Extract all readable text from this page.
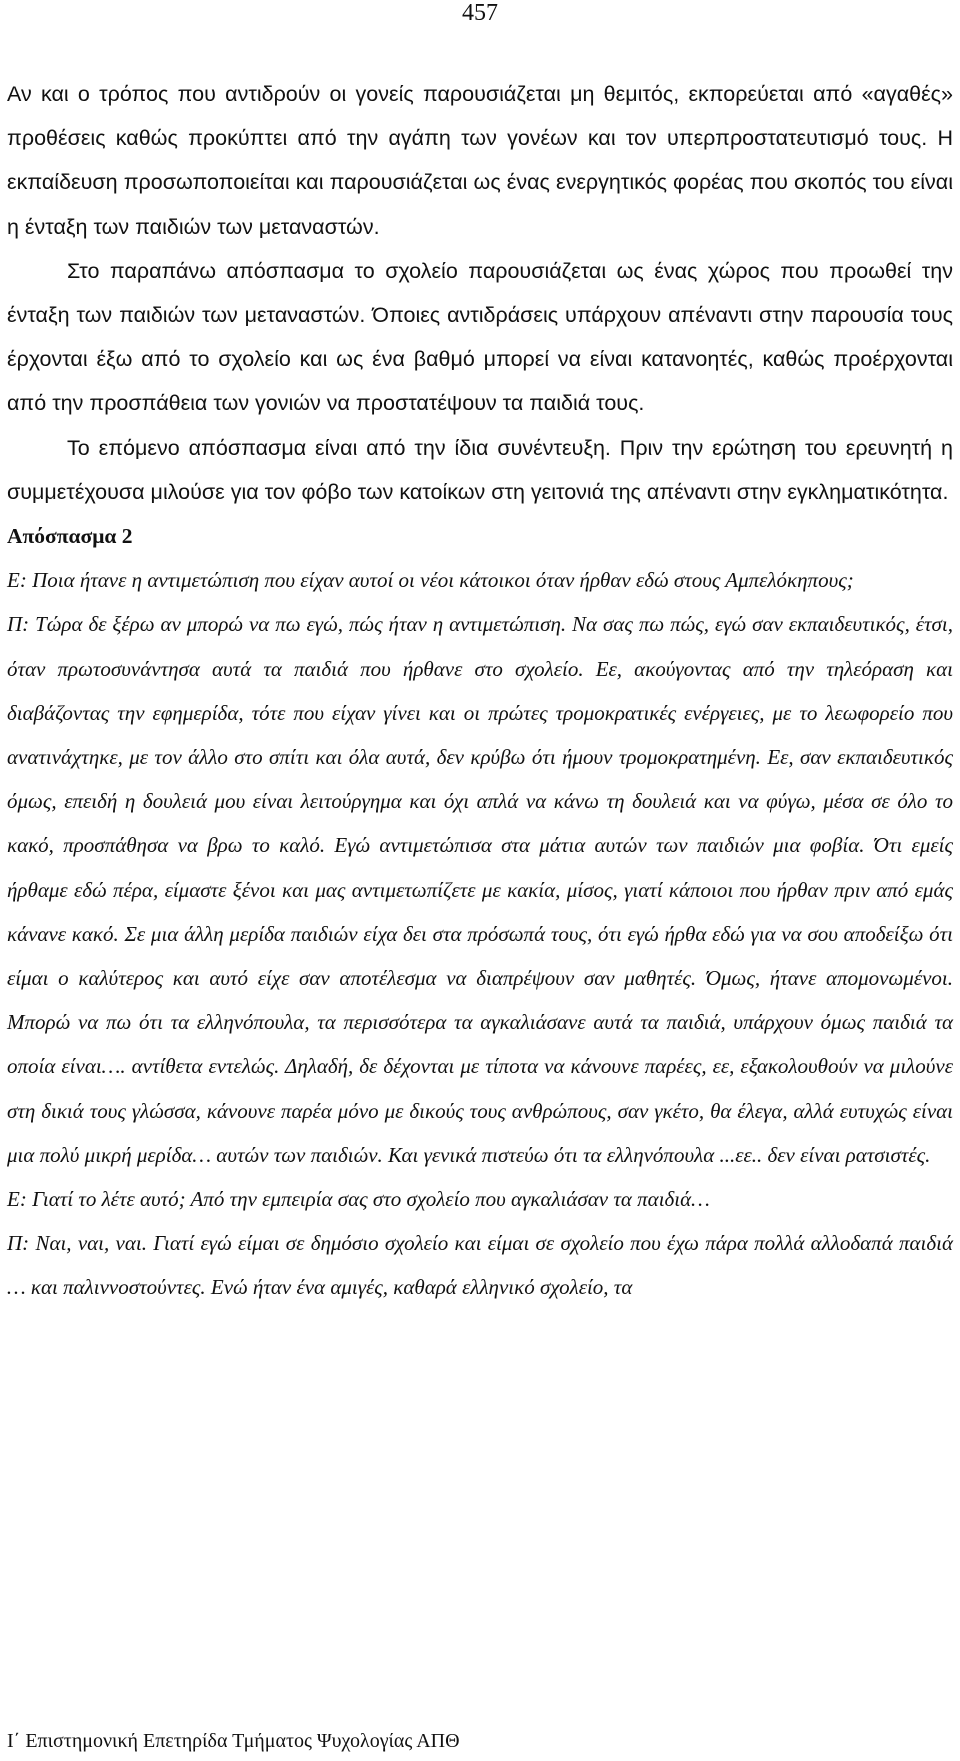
457

Αν και ο τρόπος που αντιδρούν οι γονείς παρουσιάζεται μη θεμιτός, εκπορεύεται από «αγαθές» προθέσεις καθώς προκύπτει από την αγάπη των γονέων και τον υπερπροστατευτισμό τους. Η εκπαίδευση προσωποποιείται και παρουσιάζεται ως ένας ενεργητικός φορέας που σκοπός του είναι η ένταξη των παιδιών των μεταναστών.

Στο παραπάνω απόσπασμα το σχολείο παρουσιάζεται ως ένας χώρος που προωθεί την ένταξη των παιδιών των μεταναστών. Όποιες αντιδράσεις υπάρχουν απέναντι στην παρουσία τους έρχονται έξω από το σχολείο και ως ένα βαθμό μπορεί να είναι κατανοητές, καθώς προέρχονται από την προσπάθεια των γονιών να προστατέψουν τα παιδιά τους.

Το επόμενο απόσπασμα είναι από την ίδια συνέντευξη. Πριν την ερώτηση του ερευνητή η συμμετέχουσα μιλούσε για τον φόβο των κατοίκων στη γειτονιά της απέναντι στην εγκληματικότητα.

Απόσπασμα 2

Ε: Ποια ήτανε η αντιμετώπιση που είχαν αυτοί οι νέοι κάτοικοι όταν ήρθαν εδώ στους Αμπελόκηπους;

Π: Τώρα δε ξέρω αν μπορώ να πω εγώ, πώς ήταν η αντιμετώπιση. Να σας πω πώς, εγώ σαν εκπαιδευτικός, έτσι, όταν πρωτοσυνάντησα αυτά τα παιδιά που ήρθανε στο σχολείο. Εε, ακούγοντας από την τηλεόραση και διαβάζοντας την εφημερίδα, τότε που είχαν γίνει και οι πρώτες τρομοκρατικές ενέργειες, με το λεωφορείο που ανατινάχτηκε, με τον άλλο στο σπίτι και όλα αυτά, δεν κρύβω ότι ήμουν τρομοκρατημένη. Εε, σαν εκπαιδευτικός όμως, επειδή η δουλειά μου είναι λειτούργημα και όχι απλά να κάνω τη δουλειά και να φύγω, μέσα σε όλο το κακό, προσπάθησα να βρω το καλό. Εγώ αντιμετώπισα στα μάτια αυτών των παιδιών μια φοβία. Ότι εμείς ήρθαμε εδώ πέρα, είμαστε ξένοι και μας αντιμετωπίζετε με κακία, μίσος, γιατί κάποιοι που ήρθαν πριν από εμάς κάνανε κακό. Σε μια άλλη μερίδα παιδιών είχα δει στα πρόσωπά τους, ότι εγώ ήρθα εδώ για να σου αποδείξω ότι είμαι ο καλύτερος και αυτό είχε σαν αποτέλεσμα να διαπρέψουν σαν μαθητές. Όμως, ήτανε απομονωμένοι. Μπορώ να πω ότι τα ελληνόπουλα, τα περισσότερα τα αγκαλιάσανε αυτά τα παιδιά, υπάρχουν όμως παιδιά τα οποία είναι…. αντίθετα εντελώς. Δηλαδή, δε δέχονται με τίποτα να κάνουνε παρέες, εε, εξακολουθούν να μιλούνε στη δικιά τους γλώσσα, κάνουνε παρέα μόνο με δικούς τους ανθρώπους, σαν γκέτο, θα έλεγα, αλλά ευτυχώς είναι μια πολύ μικρή μερίδα… αυτών των παιδιών. Και γενικά πιστεύω ότι τα ελληνόπουλα ...εε.. δεν είναι ρατσιστές.

Ε: Γιατί το λέτε αυτό; Από την εμπειρία σας στο σχολείο που αγκαλιάσαν τα παιδιά…

Π: Ναι, ναι, ναι. Γιατί εγώ είμαι σε δημόσιο σχολείο και είμαι σε σχολείο που έχω πάρα πολλά αλλοδαπά παιδιά … και παλιννοστούντες. Ενώ ήταν ένα αμιγές, καθαρά ελληνικό σχολείο, τα

Ι΄ Επιστημονική Επετηρίδα Τμήματος Ψυχολογίας ΑΠΘ
